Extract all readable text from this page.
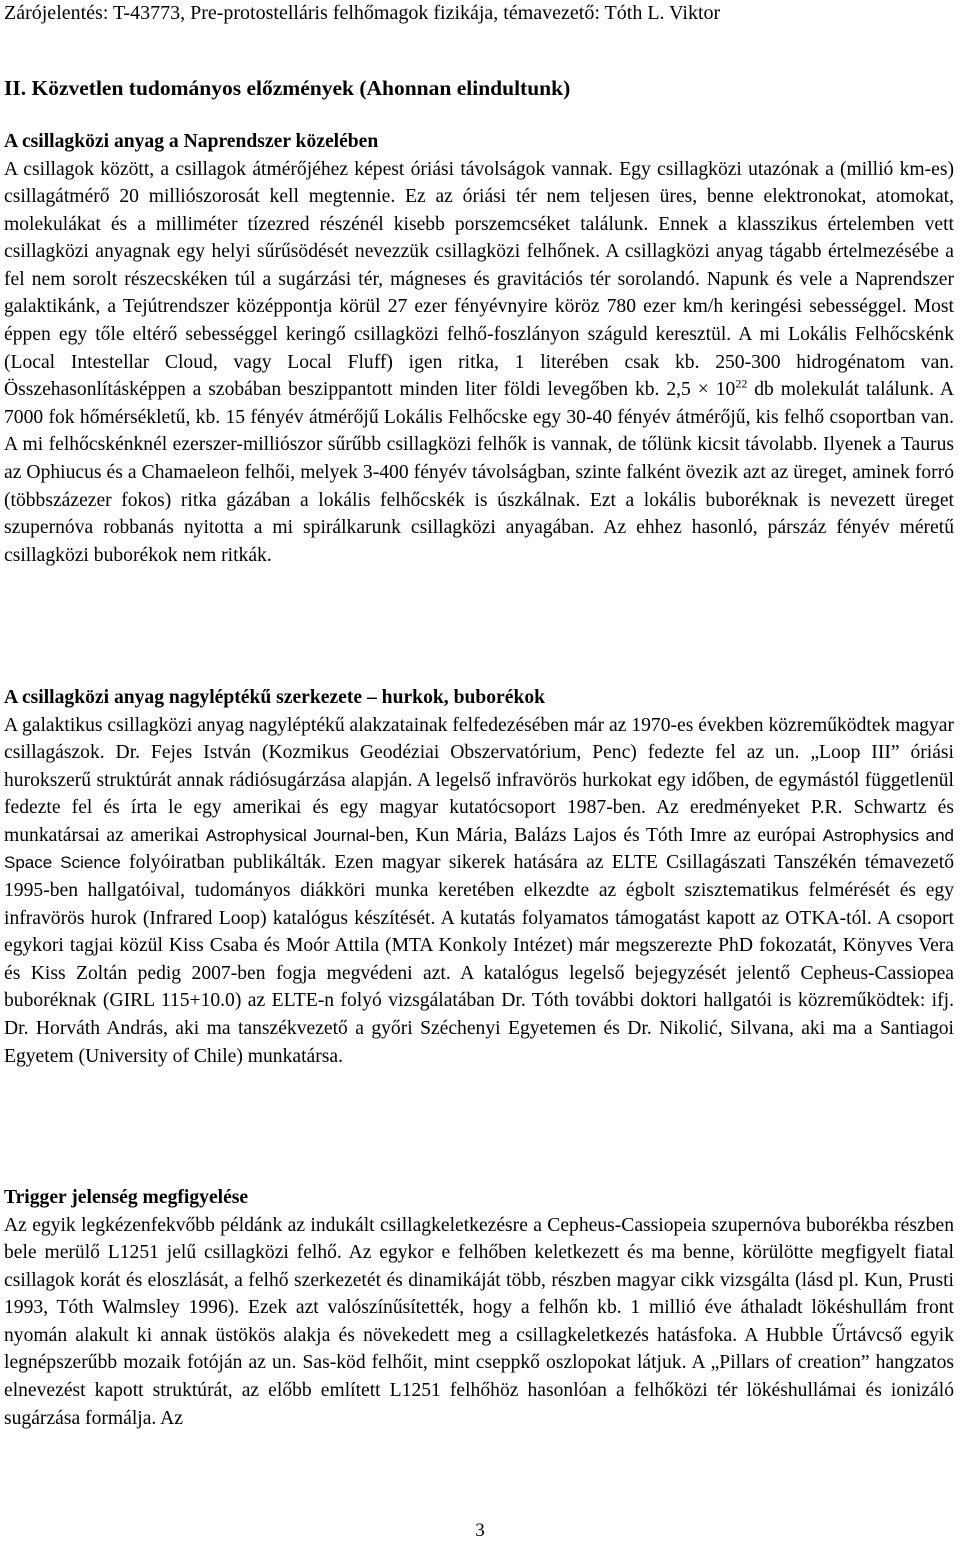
Zárójelentés: T-43773, Pre-protostelláris felhőmagok fizikája, témavezető: Tóth L. Viktor
II. Közvetlen tudományos előzmények (Ahonnan elindultunk)

A csillagközi anyag a Naprendszer közelében

A csillagok között, a csillagok átmérőjéhez képest óriási távolságok vannak. Egy csillagközi utazónak a (millió km-es) csillagátmérő 20 milliószorosát kell megtennie. Ez az óriási tér nem teljesen üres, benne elektronokat, atomokat, molekulákat és a milliméter tízezred részénél kisebb porszemcséket találunk. Ennek a klasszikus értelemben vett csillagközi anyagnak egy helyi sűrűsödését nevezzük csillagközi felhőnek. A csillagközi anyag tágabb értelmezésébe a fel nem sorolt részecskéken túl a sugárzási tér, mágneses és gravitációs tér sorolandó. Napunk és vele a Naprendszer galaktikánk, a Tejútrendszer középpontja körül 27 ezer fényévnyire köröz 780 ezer km/h keringési sebességgel. Most éppen egy tőle eltérő sebességgel keringő csillagközi felhő-foszlányon száguld keresztül. A mi Lokális Felhőcskénk (Local Intestellar Cloud, vagy Local Fluff) igen ritka, 1 literében csak kb. 250-300 hidrogénatom van. Összehasonlításképpen a szobában beszippantott minden liter földi levegőben kb. $2,5 \times 10^{22}$ db molekulát találunk. A 7000 fok hőmérsékletű, kb. 15 fényév átmérőjű Lokális Felhőcske egy 30-40 fényév átmérőjű, kis felhő csoportban van. A mi felhőcskénknél ezerszer-milliószor sűrűbb csillagközi felhők is vannak, de tőlünk kicsit távolabb. Ilyenek a Taurus az Ophiucus és a Chamaeleon felhői, melyek 3-400 fényév távolságban, szinte falként övezik azt az üreget, aminek forró (többszázezer fokos) ritka gázában a lokális felhőcskék is úszkálnak. Ezt a lokális buboréknak is nevezett üreget szupernóva robbanás nyitotta a mi spirálkarunk csillagközi anyagában. Az ehhez hasonló, párszáz fényév méretű csillagközi buborékok nem ritkák.

A csillagközi anyag nagyléptékű szerkezete – hurkok, buborékok

A galaktikus csillagközi anyag nagyléptékű alakzatainak felfedezésében már az 1970-es években közreműködtek magyar csillagászok. Dr. Fejes István (Kozmikus Geodéziai Obszervatórium, Penc) fedezte fel az un. „Loop III” óriási hurokszerű struktúrát annak rádiósugárzása alapján. A legelső infravörös hurkokat egy időben, de egymástól függetlenül fedezte fel és írta le egy amerikai és egy magyar kutatócsoport 1987-ben. Az eredményeket P.R. Schwartz és munkatársai az amerikai Astrophysical Journal-ben, Kun Mária, Balázs Lajos és Tóth Imre az európai Astrophysics and Space Science folyóiratban publikálták. Ezen magyar sikerek hatására az ELTE Csillagászati Tanszékén témavezető 1995-ben hallgatóival, tudományos diákköri munka keretében elkezdte az égbolt szisztematikus felmérését és egy infravörös hurok (Infrared Loop) katalógus készítését. A kutatás folyamatos támogatást kapott az OTKA-tól. A csoport egykori tagjai közül Kiss Csaba és Moór Attila (MTA Konkoly Intézet) már megszerezte PhD fokozatát, Könyves Vera és Kiss Zoltán pedig 2007-ben fogja megvédeni azt. A katalógus legelső bejegyzését jelentő Cepheus-Cassiopea buboréknak (GIRL 115+10.0) az ELTE-n folyó vizsgálatában Dr. Tóth további doktori hallgatói is közreműködtek: ifj. Dr. Horváth András, aki ma tanszékvezető a győri Széchenyi Egyetemen és Dr. Nikolić, Silvana, aki ma a Santiagoi Egyetem (University of Chile) munkatársa.

Trigger jelenség megfigyelése

Az egyik legkézenfekvőbb példánk az indukált csillagkeletkezésre a Cepheus-Cassiopeia szupernóva buborékba részben bele merülő L1251 jelű csillagközi felhő. Az egykor e felhőben keletkezett és ma benne, körülötte megfigyelt fiatal csillagok korát és eloszlását, a felhő szerkezetét és dinamikáját több, részben magyar cikk vizsgálta (lásd pl. Kun, Prusti 1993, Tóth Walmsley 1996). Ezek azt valószínűsítették, hogy a felhőn kb. 1 millió éve áthaladt lökéshullám front nyomán alakult ki annak üstökös alakja és növekedett meg a csillagkeletkezés hatásfoka. A Hubble Űrtávcső egyik legnépszerűbb mozaik fotóján az un. Sas-köd felhőit, mint cseppkő oszlopokat látjuk. A „Pillars of creation” hangzatos elnevezést kapott struktúrát, az előbb említett L1251 felhőhöz hasonlóan a felhőközi tér lökéshullámai és ionizáló sugárzása formálja. Az

3
